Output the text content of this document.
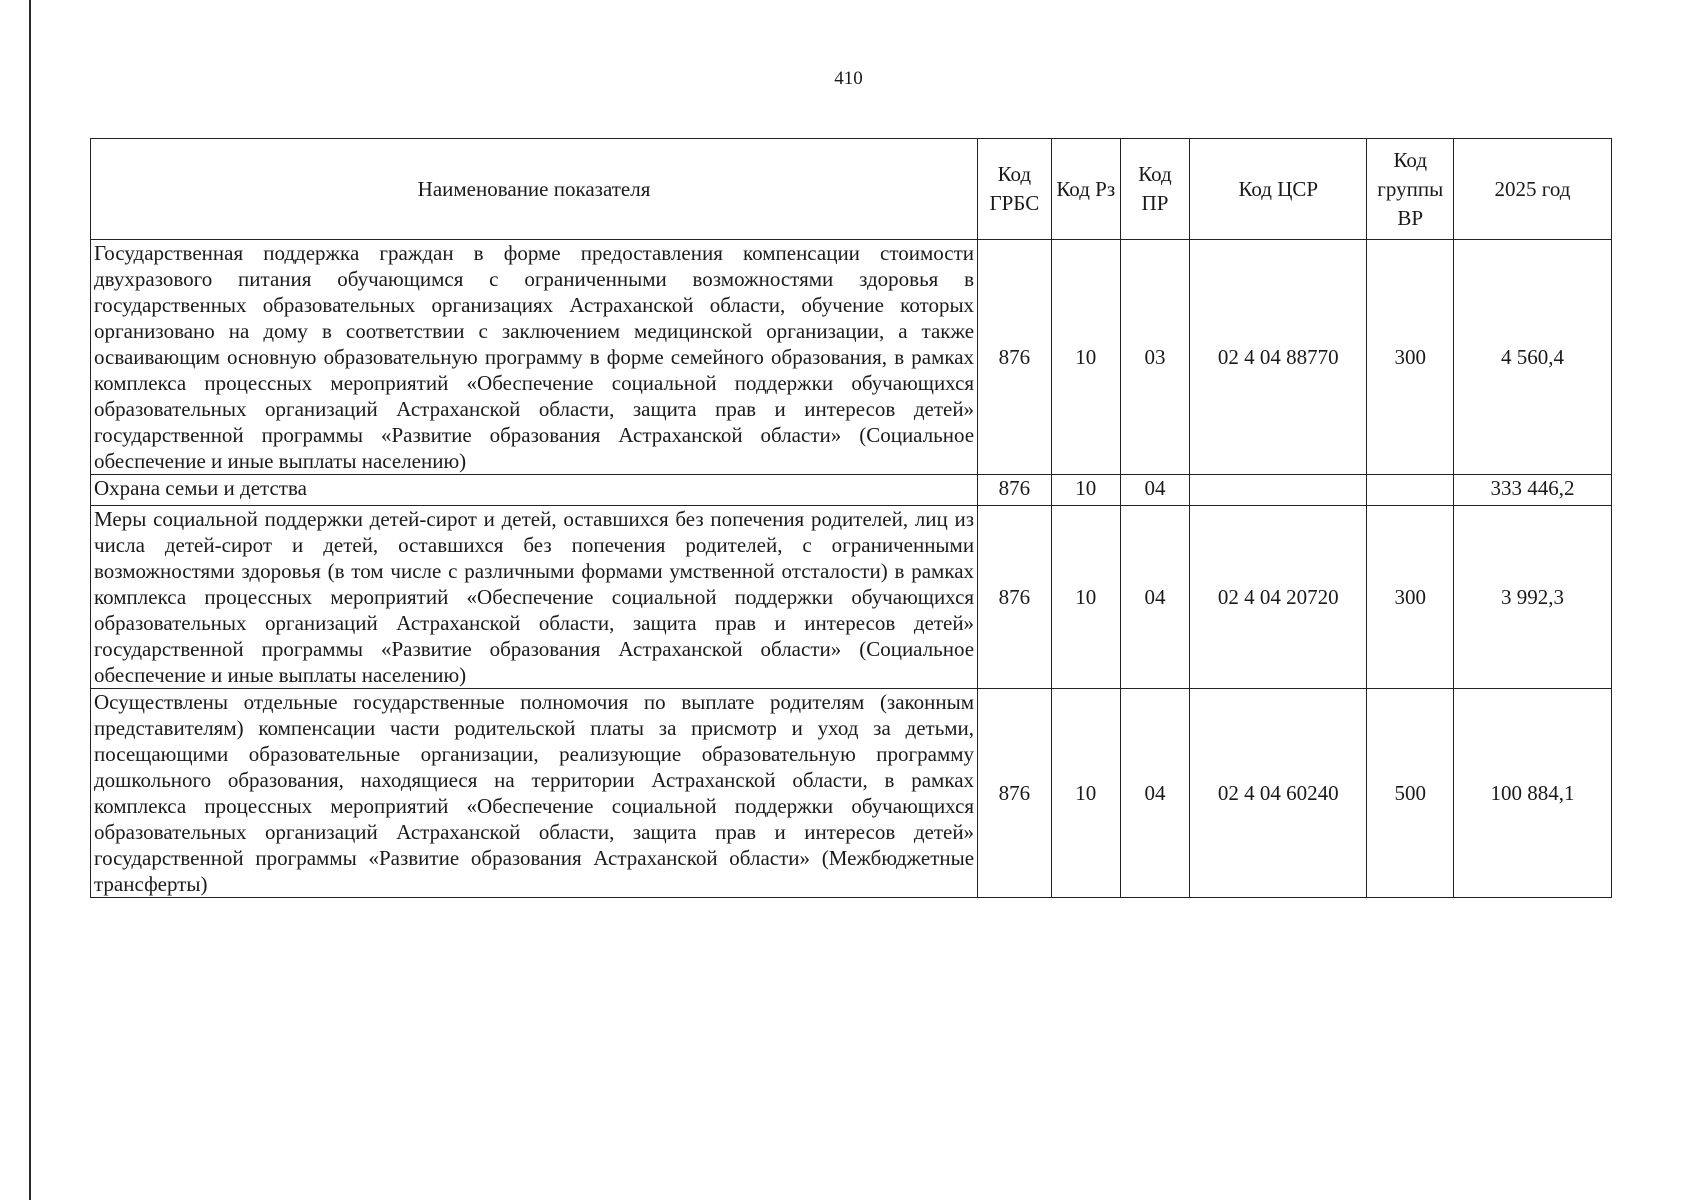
410
Наименование показателя	Код ГРБС	Код Рз	Код ПР	Код ЦСР	Код группы ВР	2025 год
Государственная поддержка граждан в форме предоставления компенсации стоимости двухразового питания обучающимся с ограниченными возможностями здоровья в государственных образовательных организациях Астраханской области, обучение которых организовано на дому в соответствии с заключением медицинской организации, а также осваивающим основную образовательную программу в форме семейного образования, в рамках комплекса процессных мероприятий «Обеспечение социальной поддержки обучающихся образовательных организаций Астраханской области, защита прав и интересов детей» государственной программы «Развитие образования Астраханской области» (Социальное обеспечение и иные выплаты населению)	876	10	03	02 4 04 88770	300	4 560,4
Охрана семьи и детства	876	10	04			333 446,2
Меры социальной поддержки детей-сирот и детей, оставшихся без попечения родителей, лиц из числа детей-сирот и детей, оставшихся без попечения родителей, с ограниченными возможностями здоровья (в том числе с различными формами умственной отсталости) в рамках комплекса процессных мероприятий «Обеспечение социальной поддержки обучающихся образовательных организаций Астраханской области, защита прав и интересов детей» государственной программы «Развитие образования Астраханской области» (Социальное обеспечение и иные выплаты населению)	876	10	04	02 4 04 20720	300	3 992,3
Осуществлены отдельные государственные полномочия по выплате родителям (законным представителям) компенсации части родительской платы за присмотр и уход за детьми, посещающими образовательные организации, реализующие образовательную программу дошкольного образования, находящиеся на территории Астраханской области, в рамках комплекса процессных мероприятий «Обеспечение социальной поддержки обучающихся образовательных организаций Астраханской области, защита прав и интересов детей» государственной программы «Развитие образования Астраханской области» (Межбюджетные трансферты)	876	10	04	02 4 04 60240	500	100 884,1
